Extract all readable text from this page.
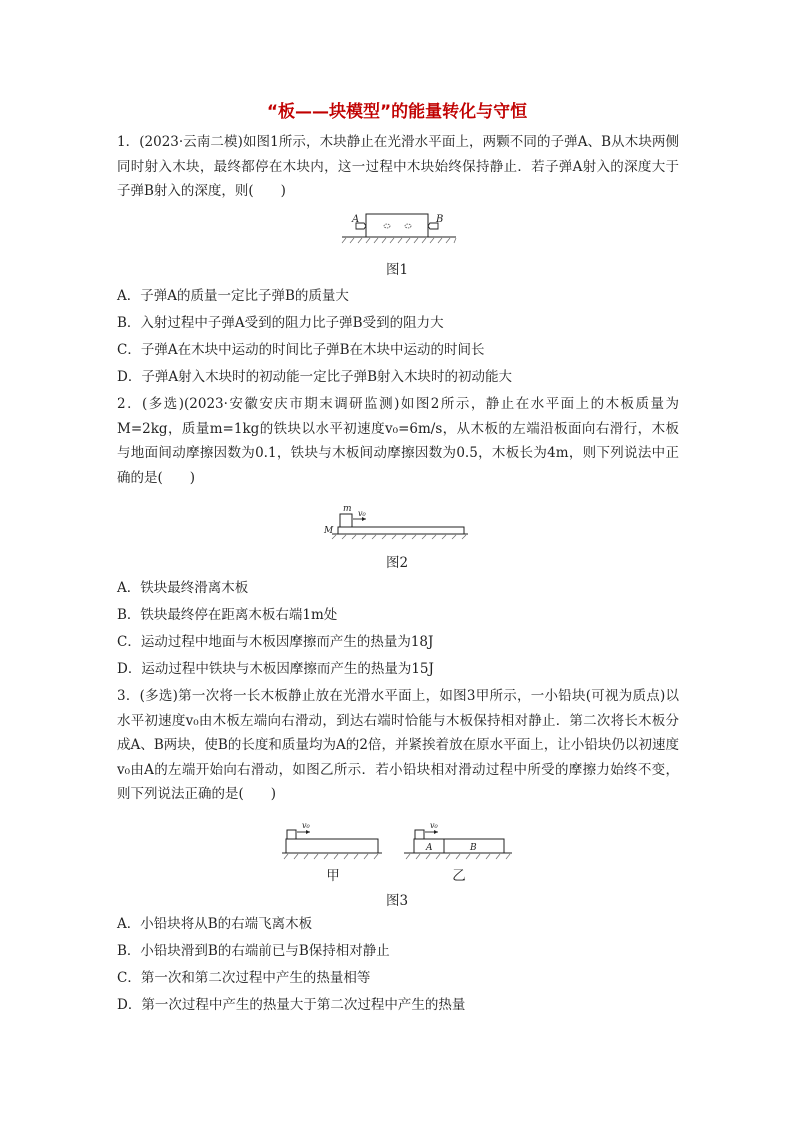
“板——块模型”的能量转化与守恒
1．(2023·云南二模)如图1所示，木块静止在光滑水平面上，两颗不同的子弹A、B从木块两侧同时射入木块，最终都停在木块内，这一过程中木块始终保持静止．若子弹A射入的深度大于子弹B射入的深度，则(　　)
A	B
图1
A．子弹A的质量一定比子弹B的质量大
B．入射过程中子弹A受到的阻力比子弹B受到的阻力大
C．子弹A在木块中运动的时间比子弹B在木块中运动的时间长
D．子弹A射入木块时的初动能一定比子弹B射入木块时的初动能大
2．(多选)(2023·安徽安庆市期末调研监测)如图2所示，静止在水平面上的木板质量为M=2kg，质量m=1kg的铁块以水平初速度v₀=6m/s，从木板的左端沿板面向右滑行，木板与地面间动摩擦因数为0.1，铁块与木板间动摩擦因数为0.5，木板长为4m，则下列说法中正确的是(　　)
m
M
v₀
图2
A．铁块最终滑离木板
B．铁块最终停在距离木板右端1m处
C．运动过程中地面与木板因摩擦而产生的热量为18J
D．运动过程中铁块与木板因摩擦而产生的热量为15J
3．(多选)第一次将一长木板静止放在光滑水平面上，如图3甲所示，一小铅块(可视为质点)以水平初速度v₀由木板左端向右滑动，到达右端时恰能与木板保持相对静止．第二次将长木板分成A、B两块，使B的长度和质量均为A的2倍，并紧挨着放在原水平面上，让小铅块仍以初速度v₀由A的左端开始向右滑动，如图乙所示．若小铅块相对滑动过程中所受的摩擦力始终不变，则下列说法正确的是(　　)
v₀	v₀
A	B
甲	乙
图3
A．小铅块将从B的右端飞离木板
B．小铅块滑到B的右端前已与B保持相对静止
C．第一次和第二次过程中产生的热量相等
D．第一次过程中产生的热量大于第二次过程中产生的热量
